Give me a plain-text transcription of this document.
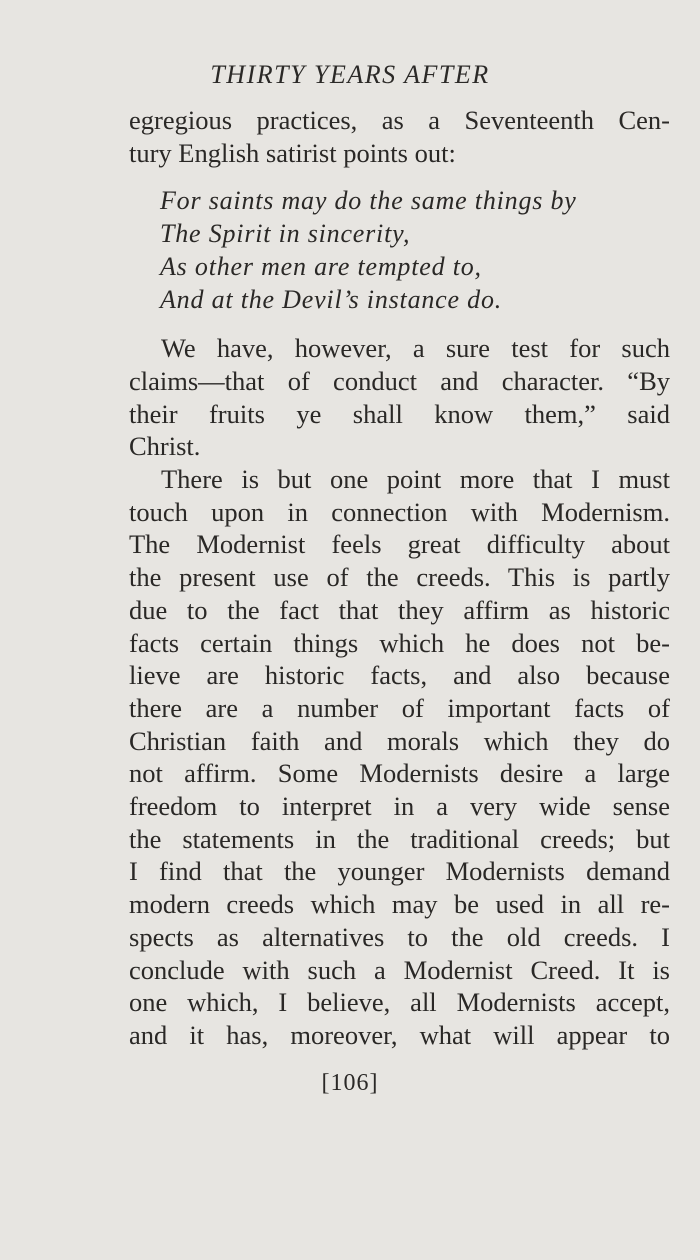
THIRTY YEARS AFTER
egregious practices, as a Seventeenth Cen-
tury English satirist points out:
For saints may do the same things by
The Spirit in sincerity,
As other men are tempted to,
And at the Devil’s instance do.
We have, however, a sure test for such
claims—that of conduct and character. “By
their fruits ye shall know them,” said
Christ.
There is but one point more that I must
touch upon in connection with Modernism.
The Modernist feels great difficulty about
the present use of the creeds. This is partly
due to the fact that they affirm as historic
facts certain things which he does not be-
lieve are historic facts, and also because
there are a number of important facts of
Christian faith and morals which they do
not affirm. Some Modernists desire a large
freedom to interpret in a very wide sense
the statements in the traditional creeds; but
I find that the younger Modernists demand
modern creeds which may be used in all re-
spects as alternatives to the old creeds. I
conclude with such a Modernist Creed. It is
one which, I believe, all Modernists accept,
and it has, moreover, what will appear to
[106]
